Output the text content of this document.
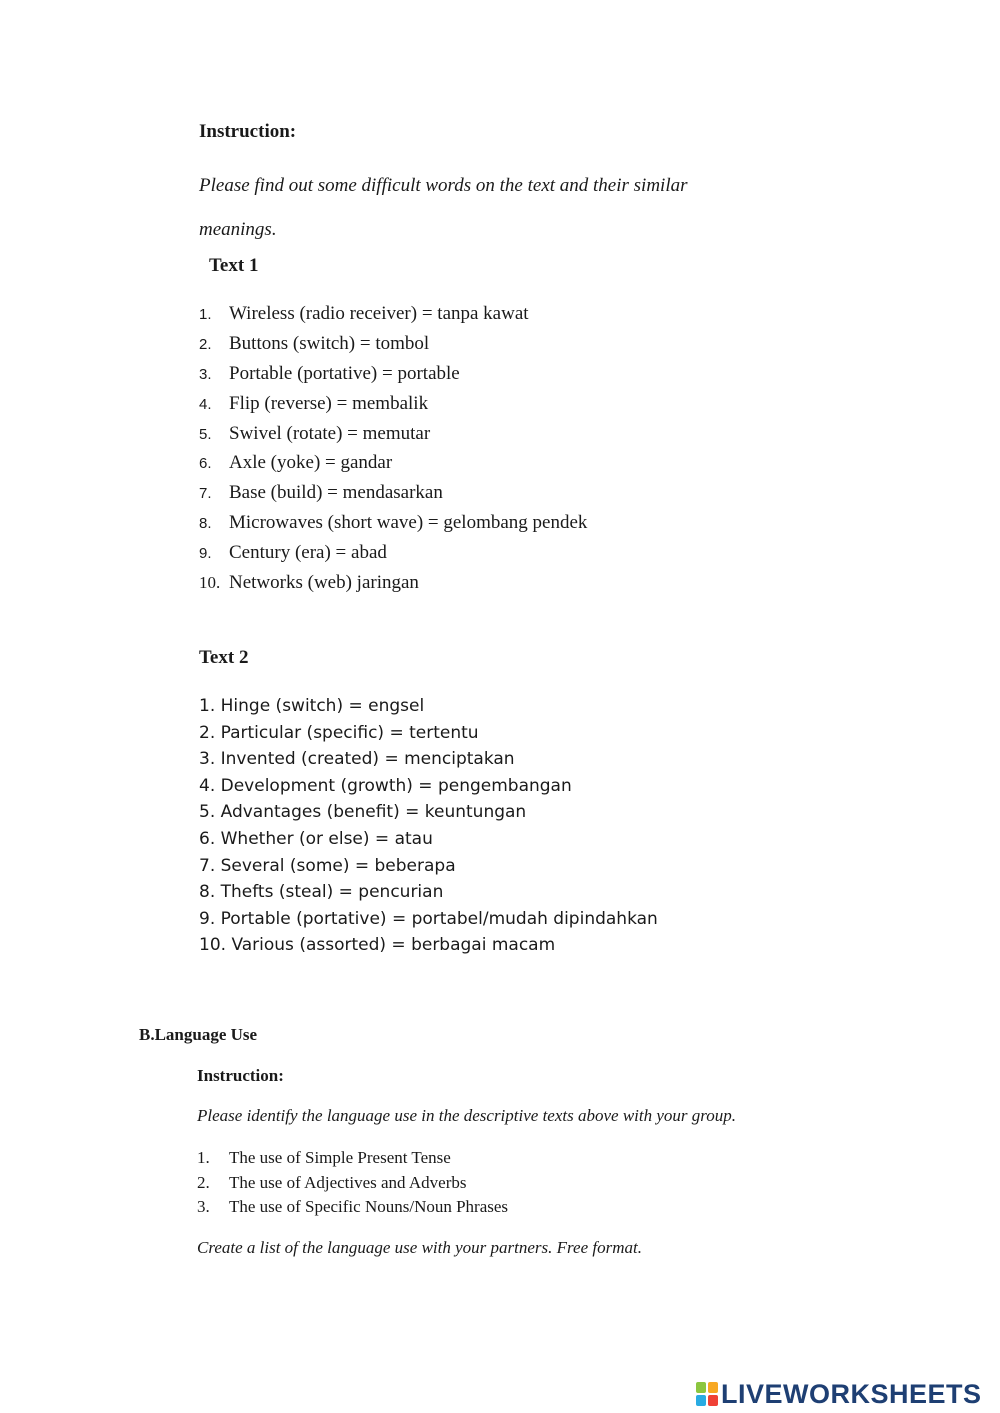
Instruction:
Please find out some difficult words on the text and their similar meanings.
Text 1
1. Wireless (radio receiver) = tanpa kawat
2. Buttons (switch) = tombol
3. Portable (portative) = portable
4. Flip (reverse) = membalik
5. Swivel (rotate) = memutar
6. Axle (yoke) = gandar
7. Base (build) = mendasarkan
8. Microwaves (short wave) = gelombang pendek
9. Century (era) = abad
10. Networks (web) jaringan
Text 2
1. Hinge (switch) = engsel
2. Particular (specific) = tertentu
3. Invented (created) = menciptakan
4. Development (growth) = pengembangan
5. Advantages (benefit) = keuntungan
6. Whether (or else) = atau
7. Several (some) = beberapa
8. Thefts (steal) = pencurian
9. Portable (portative) = portabel/mudah dipindahkan
10. Various (assorted) = berbagai macam
B.Language Use
Instruction:
Please identify the language use in the descriptive texts above with your group.
1. The use of Simple Present Tense
2. The use of Adjectives and Adverbs
3. The use of Specific Nouns/Noun Phrases
Create a list of the language use with your partners. Free format.
LIVEWORKSHEETS
